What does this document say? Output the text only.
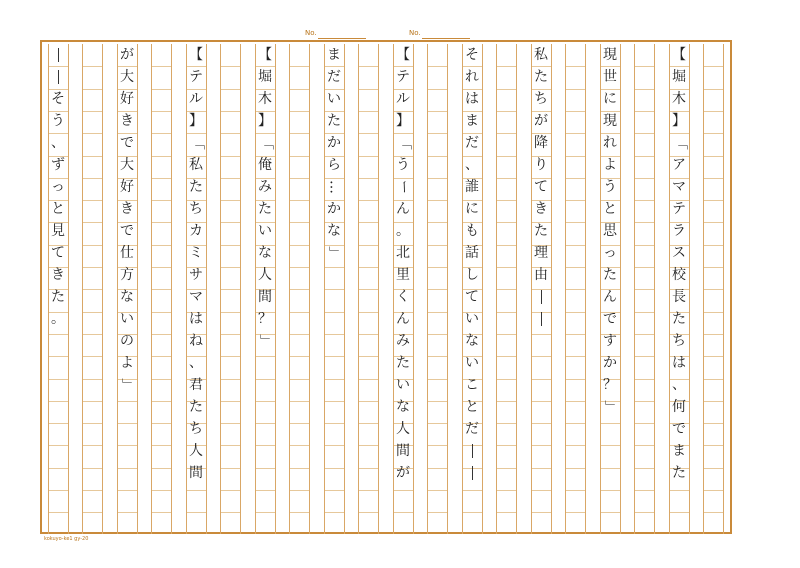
No.	No.
【
堀
木
】
「
ア
マ
テ
ラ
ス
校
長
た
ち
は
、
何
で
ま
た
現
世
に
現
れ
よ
う
と
思
っ
た
ん
で
す
か
？
」
私
た
ち
が
降
り
て
き
た
理
由
―
―
そ
れ
は
ま
だ
、
誰
に
も
話
し
て
い
な
い
こ
と
だ
―
―
【
テ
ル
】
「
う
ー
ん
。
北
里
く
ん
み
た
い
な
人
間
が
ま
だ
い
た
か
ら
…
か
な
」
【
堀
木
】
「
俺
み
た
い
な
人
間
？
」
【
テ
ル
】
「
私
た
ち
カ
ミ
サ
マ
は
ね
、
君
た
ち
人
間
が
大
好
き
で
大
好
き
で
仕
方
な
い
の
よ
」
―
―
そ
う
、
ず
っ
と
見
て
き
た
。
kokuyo-ke1 gy-20
